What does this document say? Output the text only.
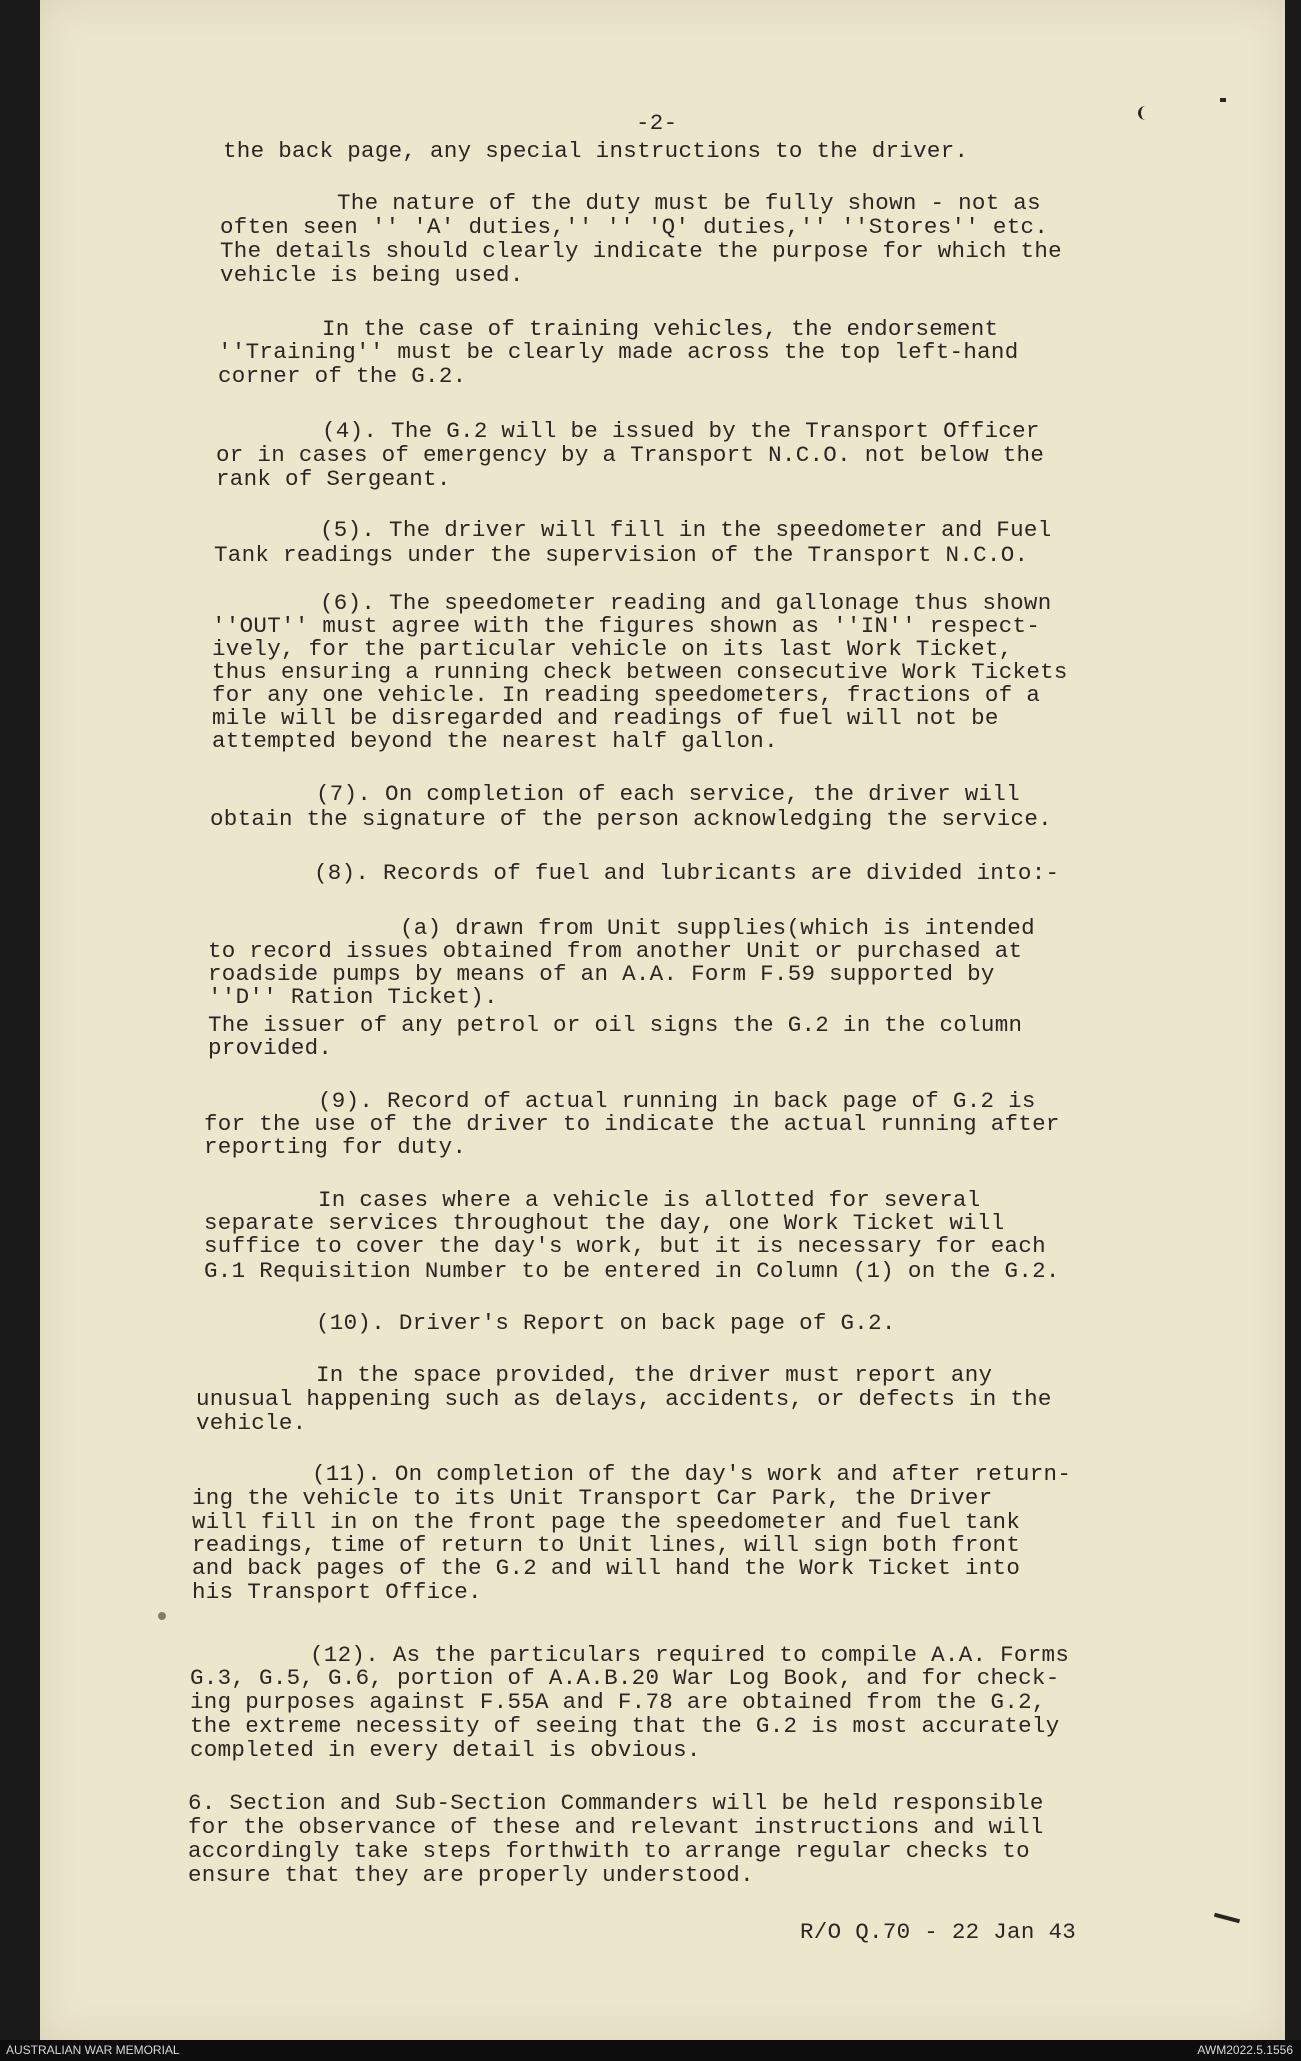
-2-
the back page, any special instructions to the driver.
The nature of the duty must be fully shown - not as
often seen '' 'A' duties,'' '' 'Q' duties,'' ''Stores'' etc.
The details should clearly indicate the purpose for which the
vehicle is being used.
In the case of training vehicles, the endorsement
''Training'' must be clearly made across the top left-hand
corner of the G.2.
(4). The G.2 will be issued by the Transport Officer
or in cases of emergency by a Transport N.C.O. not below the
rank of Sergeant.
(5). The driver will fill in the speedometer and Fuel
Tank readings under the supervision of the Transport N.C.O.
(6). The speedometer reading and gallonage thus shown
''OUT'' must agree with the figures shown as ''IN'' respect-
ively, for the particular vehicle on its last Work Ticket,
thus ensuring a running check between consecutive Work Tickets
for any one vehicle. In reading speedometers, fractions of a
mile will be disregarded and readings of fuel will not be
attempted beyond the nearest half gallon.
(7). On completion of each service, the driver will
obtain the signature of the person acknowledging the service.
(8). Records of fuel and lubricants are divided into:-
(a) drawn from Unit supplies(which is intended
to record issues obtained from another Unit or purchased at
roadside pumps by means of an A.A. Form F.59 supported by
''D'' Ration Ticket).
The issuer of any petrol or oil signs the G.2 in the column
provided.
(9). Record of actual running in back page of G.2 is
for the use of the driver to indicate the actual running after
reporting for duty.
In cases where a vehicle is allotted for several
separate services throughout the day, one Work Ticket will
suffice to cover the day's work, but it is necessary for each
G.1 Requisition Number to be entered in Column (1) on the G.2.
(10). Driver's Report on back page of G.2.
In the space provided, the driver must report any
unusual happening such as delays, accidents, or defects in the
vehicle.
(11). On completion of the day's work and after return-
ing the vehicle to its Unit Transport Car Park, the Driver
will fill in on the front page the speedometer and fuel tank
readings, time of return to Unit lines, will sign both front
and back pages of the G.2 and will hand the Work Ticket into
his Transport Office.
(12). As the particulars required to compile A.A. Forms
G.3, G.5, G.6, portion of A.A.B.20 War Log Book, and for check-
ing purposes against F.55A and F.78 are obtained from the G.2,
the extreme necessity of seeing that the G.2 is most accurately
completed in every detail is obvious.
6. Section and Sub-Section Commanders will be held responsible
for the observance of these and relevant instructions and will
accordingly take steps forthwith to arrange regular checks to
ensure that they are properly understood.
R/O Q.70 - 22 Jan 43
AUSTRALIAN WAR MEMORIAL	AWM2022.5.1556
